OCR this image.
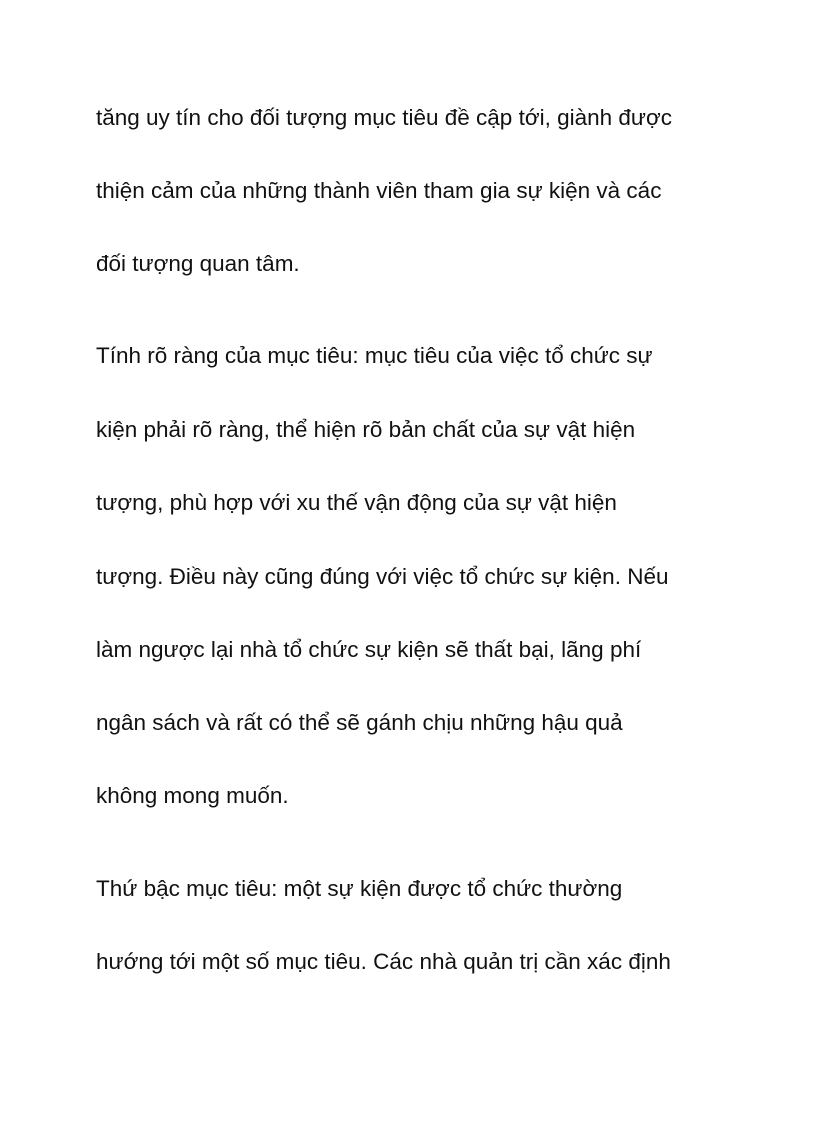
tăng uy tín cho đối tượng mục tiêu đề cập tới, giành được

thiện cảm của những thành viên tham gia sự kiện và các

đối tượng quan tâm.

Tính rõ ràng của mục tiêu: mục tiêu của việc tổ chức sự

kiện phải rõ ràng, thể hiện rõ bản chất của sự vật hiện

tượng, phù hợp với xu thế vận động của sự vật hiện

tượng. Điều này cũng đúng với việc tổ chức sự kiện. Nếu

làm ngược lại nhà tổ chức sự kiện sẽ thất bại, lãng phí

ngân sách và rất có thể sẽ gánh chịu những hậu quả

không mong muốn.

Thứ bậc mục tiêu: một sự kiện được tổ chức thường

hướng tới một số mục tiêu. Các nhà quản trị cần xác định
